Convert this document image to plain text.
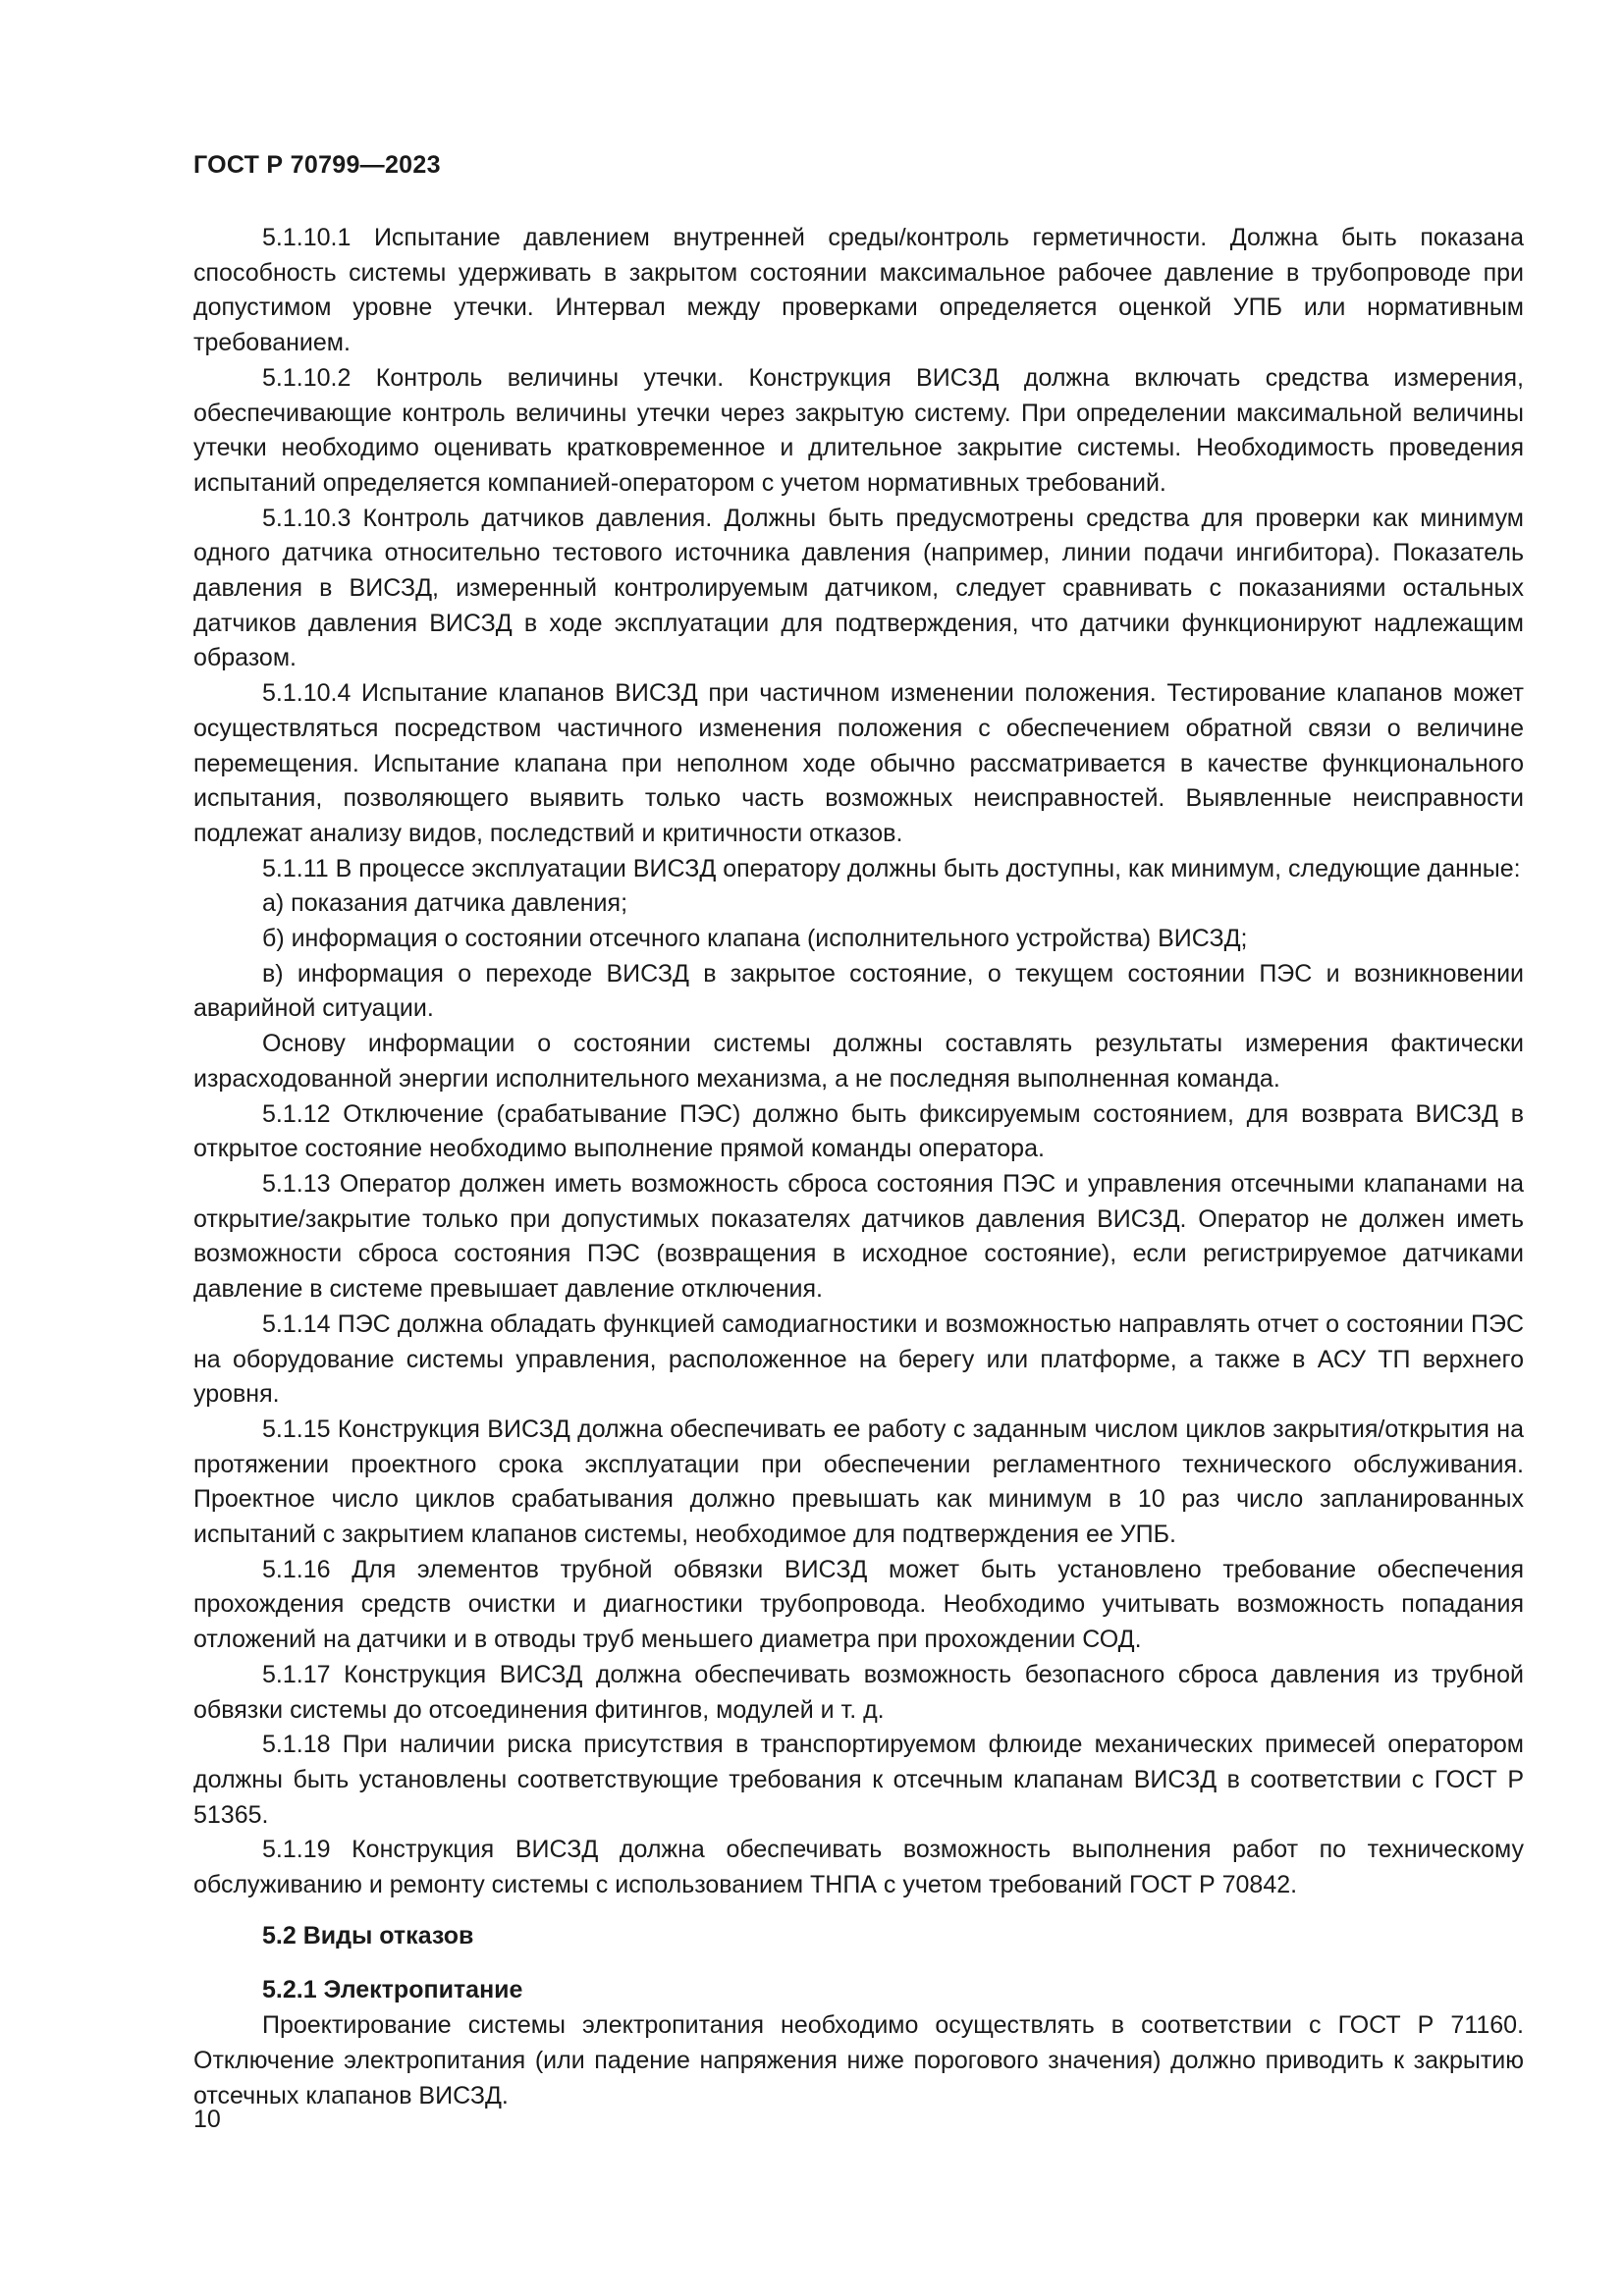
ГОСТ Р 70799—2023

5.1.10.1 Испытание давлением внутренней среды/контроль герметичности. Должна быть показана способность системы удерживать в закрытом состоянии максимальное рабочее давление в трубопроводе при допустимом уровне утечки. Интервал между проверками определяется оценкой УПБ или нормативным требованием.

5.1.10.2 Контроль величины утечки. Конструкция ВИСЗД должна включать средства измерения, обеспечивающие контроль величины утечки через закрытую систему. При определении максимальной величины утечки необходимо оценивать кратковременное и длительное закрытие системы. Необходимость проведения испытаний определяется компанией-оператором с учетом нормативных требований.

5.1.10.3 Контроль датчиков давления. Должны быть предусмотрены средства для проверки как минимум одного датчика относительно тестового источника давления (например, линии подачи ингибитора). Показатель давления в ВИСЗД, измеренный контролируемым датчиком, следует сравнивать с показаниями остальных датчиков давления ВИСЗД в ходе эксплуатации для подтверждения, что датчики функционируют надлежащим образом.

5.1.10.4 Испытание клапанов ВИСЗД при частичном изменении положения. Тестирование клапанов может осуществляться посредством частичного изменения положения с обеспечением обратной связи о величине перемещения. Испытание клапана при неполном ходе обычно рассматривается в качестве функционального испытания, позволяющего выявить только часть возможных неисправностей. Выявленные неисправности подлежат анализу видов, последствий и критичности отказов.

5.1.11 В процессе эксплуатации ВИСЗД оператору должны быть доступны, как минимум, следующие данные:

а) показания датчика давления;

б) информация о состоянии отсечного клапана (исполнительного устройства) ВИСЗД;

в) информация о переходе ВИСЗД в закрытое состояние, о текущем состоянии ПЭС и возникновении аварийной ситуации.

Основу информации о состоянии системы должны составлять результаты измерения фактически израсходованной энергии исполнительного механизма, а не последняя выполненная команда.

5.1.12 Отключение (срабатывание ПЭС) должно быть фиксируемым состоянием, для возврата ВИСЗД в открытое состояние необходимо выполнение прямой команды оператора.

5.1.13 Оператор должен иметь возможность сброса состояния ПЭС и управления отсечными клапанами на открытие/закрытие только при допустимых показателях датчиков давления ВИСЗД. Оператор не должен иметь возможности сброса состояния ПЭС (возвращения в исходное состояние), если регистрируемое датчиками давление в системе превышает давление отключения.

5.1.14 ПЭС должна обладать функцией самодиагностики и возможностью направлять отчет о состоянии ПЭС на оборудование системы управления, расположенное на берегу или платформе, а также в АСУ ТП верхнего уровня.

5.1.15 Конструкция ВИСЗД должна обеспечивать ее работу с заданным числом циклов закрытия/открытия на протяжении проектного срока эксплуатации при обеспечении регламентного технического обслуживания. Проектное число циклов срабатывания должно превышать как минимум в 10 раз число запланированных испытаний с закрытием клапанов системы, необходимое для подтверждения ее УПБ.

5.1.16 Для элементов трубной обвязки ВИСЗД может быть установлено требование обеспечения прохождения средств очистки и диагностики трубопровода. Необходимо учитывать возможность попадания отложений на датчики и в отводы труб меньшего диаметра при прохождении СОД.

5.1.17 Конструкция ВИСЗД должна обеспечивать возможность безопасного сброса давления из трубной обвязки системы до отсоединения фитингов, модулей и т. д.

5.1.18 При наличии риска присутствия в транспортируемом флюиде механических примесей оператором должны быть установлены соответствующие требования к отсечным клапанам ВИСЗД в соответствии с ГОСТ Р 51365.

5.1.19 Конструкция ВИСЗД должна обеспечивать возможность выполнения работ по техническому обслуживанию и ремонту системы с использованием ТНПА с учетом требований ГОСТ Р 70842.

5.2 Виды отказов
5.2.1 Электропитание

Проектирование системы электропитания необходимо осуществлять в соответствии с ГОСТ Р 71160. Отключение электропитания (или падение напряжения ниже порогового значения) должно приводить к закрытию отсечных клапанов ВИСЗД.

10
